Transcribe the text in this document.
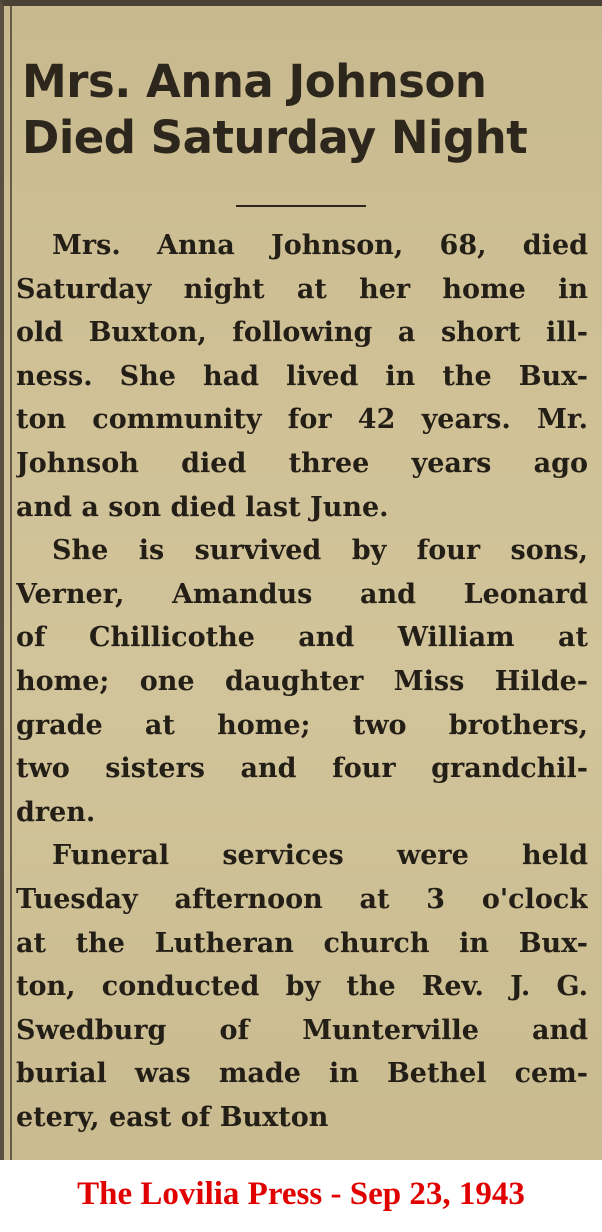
Mrs. Anna Johnson
Died Saturday Night
Mrs. Anna Johnson, 68, died
Saturday night at her home in
old Buxton, following a short ill-
ness. She had lived in the Bux-
ton community for 42 years. Mr.
Johnsoh died three years ago
and a son died last June.
She is survived by four sons,
Verner, Amandus and Leonard
of Chillicothe and William at
home; one daughter Miss Hilde-
grade at home; two brothers,
two sisters and four grandchil-
dren.
Funeral services were held
Tuesday afternoon at 3 o'clock
at the Lutheran church in Bux-
ton, conducted by the Rev. J. G.
Swedburg of Munterville and
burial was made in Bethel cem-
etery, east of Buxton
The Lovilia Press - Sep 23, 1943
